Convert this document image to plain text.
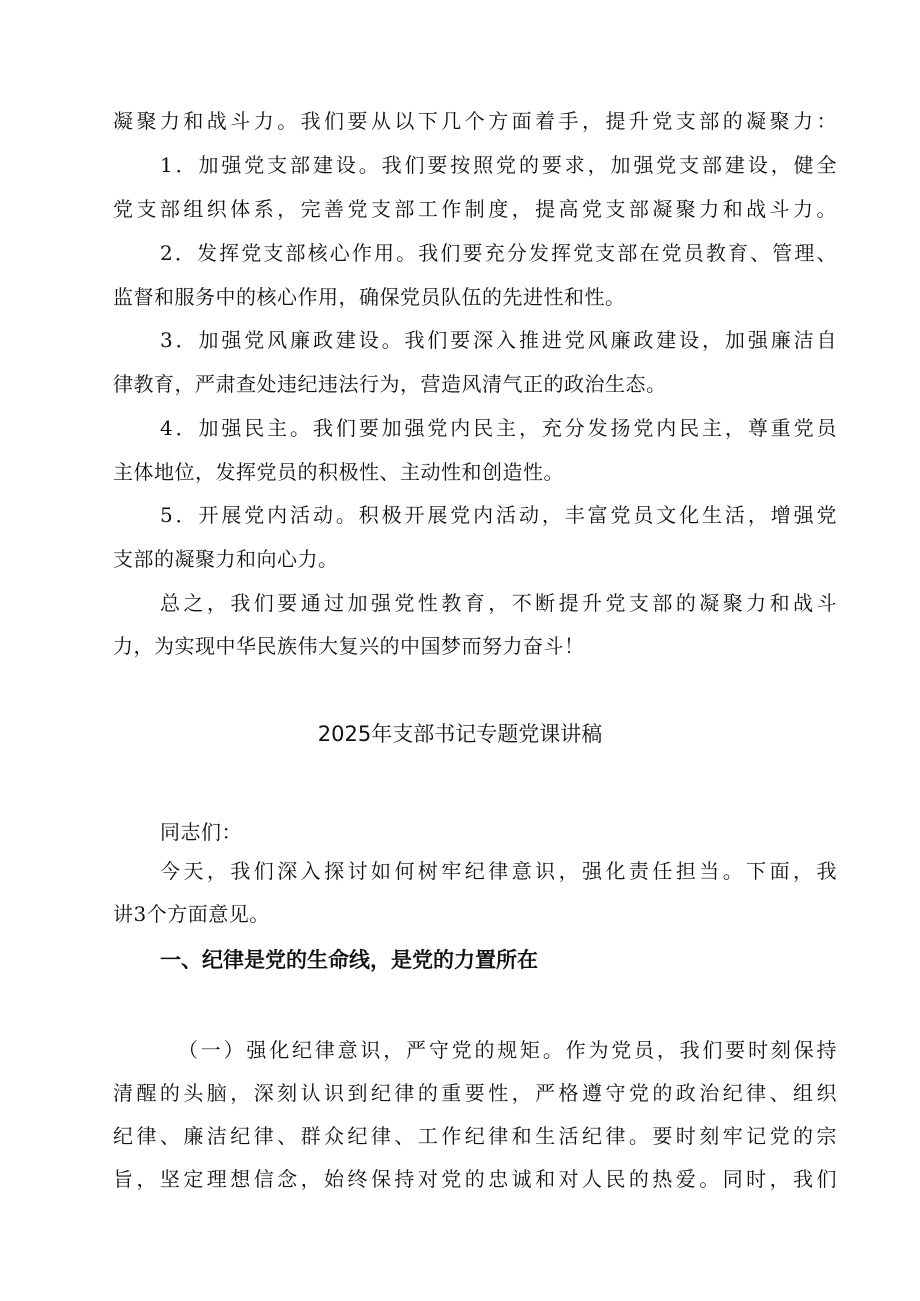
凝聚力和战斗力。我们要从以下几个方面着手，提升党支部的凝聚力：
1．加强党支部建设。我们要按照党的要求，加强党支部建设，健全
党支部组织体系，完善党支部工作制度，提高党支部凝聚力和战斗力。
2．发挥党支部核心作用。我们要充分发挥党支部在党员教育、管理、
监督和服务中的核心作用，确保党员队伍的先进性和性。
3．加强党风廉政建设。我们要深入推进党风廉政建设，加强廉洁自
律教育，严肃查处违纪违法行为，营造风清气正的政治生态。
4．加强民主。我们要加强党内民主，充分发扬党内民主，尊重党员
主体地位，发挥党员的积极性、主动性和创造性。
5．开展党内活动。积极开展党内活动，丰富党员文化生活，增强党
支部的凝聚力和向心力。
总之，我们要通过加强党性教育，不断提升党支部的凝聚力和战斗
力，为实现中华民族伟大复兴的中国梦而努力奋斗！
2025年支部书记专题党课讲稿
同志们：
今天，我们深入探讨如何树牢纪律意识，强化责任担当。下面，我
讲3个方面意见。
一、纪律是党的生命线，是党的力置所在
（一）强化纪律意识，严守党的规矩。作为党员，我们要时刻保持
清醒的头脑，深刻认识到纪律的重要性，严格遵守党的政治纪律、组织
纪律、廉洁纪律、群众纪律、工作纪律和生活纪律。要时刻牢记党的宗
旨，坚定理想信念，始终保持对党的忠诚和对人民的热爱。同时，我们
